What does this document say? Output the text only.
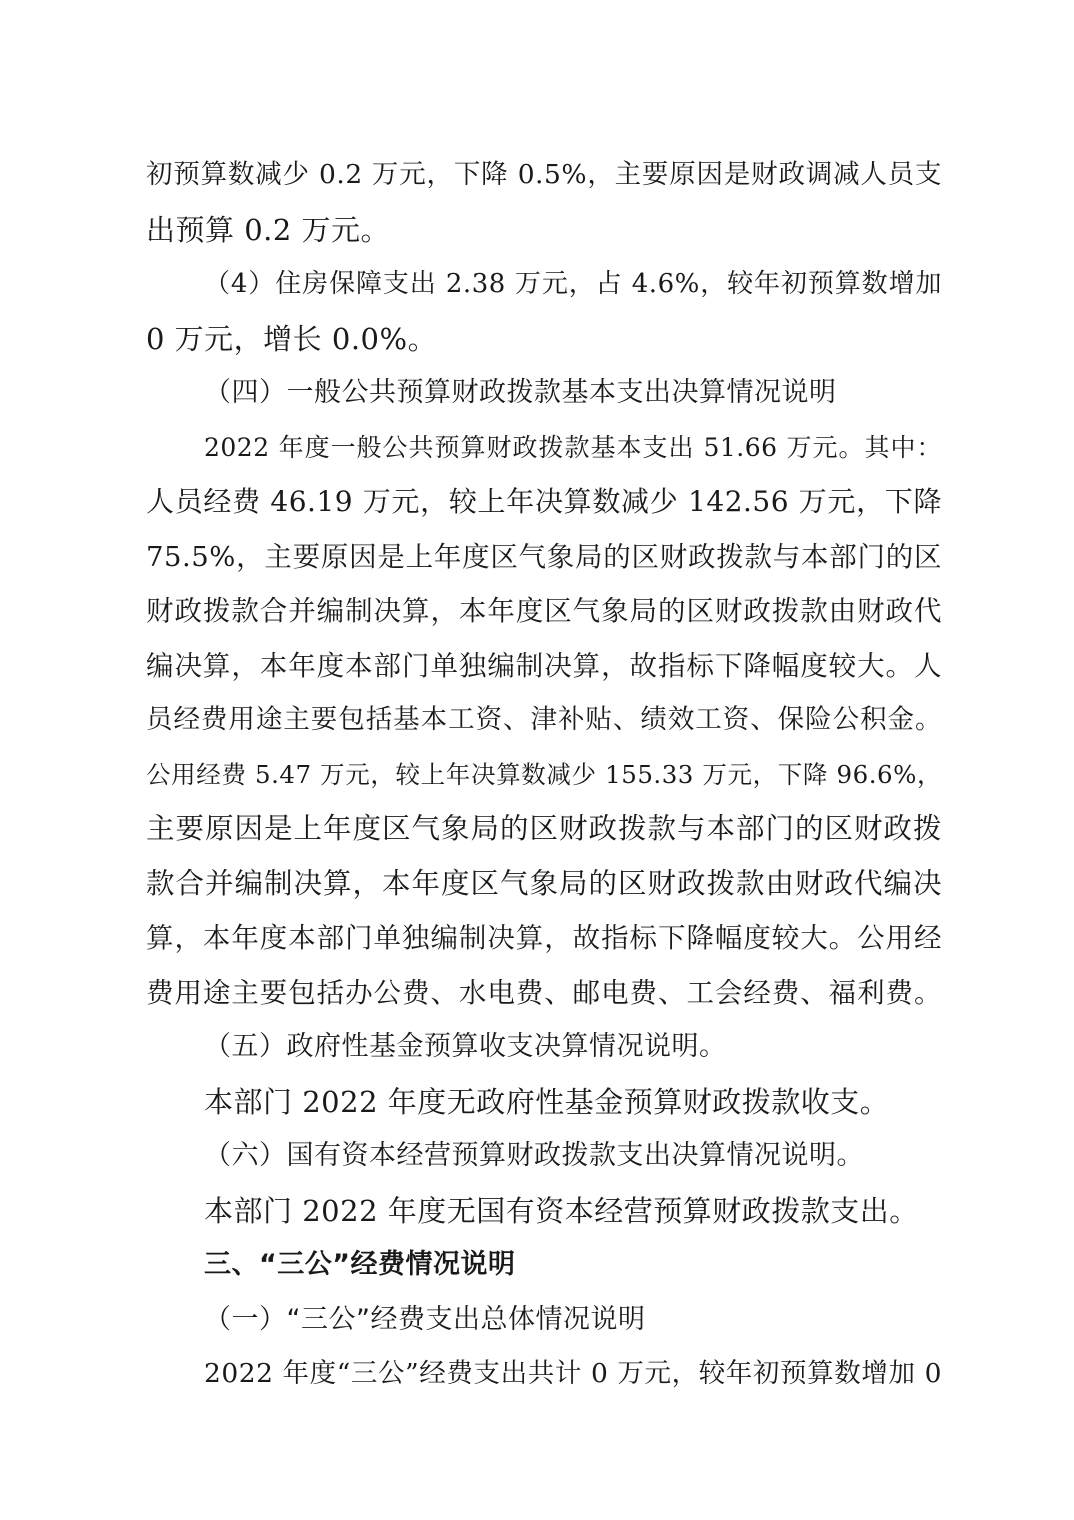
初预算数减少 0.2 万元，下降 0.5%，主要原因是财政调减人员支
出预算 0.2 万元。
（4）住房保障支出 2.38 万元，占 4.6%，较年初预算数增加
0 万元，增长 0.0%。
（四）一般公共预算财政拨款基本支出决算情况说明
2022 年度一般公共预算财政拨款基本支出 51.66 万元。其中：
人员经费 46.19 万元，较上年决算数减少 142.56 万元，下降
75.5%，主要原因是上年度区气象局的区财政拨款与本部门的区
财政拨款合并编制决算，本年度区气象局的区财政拨款由财政代
编决算，本年度本部门单独编制决算，故指标下降幅度较大。人
员经费用途主要包括基本工资、津补贴、绩效工资、保险公积金。
公用经费 5.47 万元，较上年决算数减少 155.33 万元，下降 96.6%，
主要原因是上年度区气象局的区财政拨款与本部门的区财政拨
款合并编制决算，本年度区气象局的区财政拨款由财政代编决
算，本年度本部门单独编制决算，故指标下降幅度较大。公用经
费用途主要包括办公费、水电费、邮电费、工会经费、福利费。
（五）政府性基金预算收支决算情况说明。
本部门 2022 年度无政府性基金预算财政拨款收支。
（六）国有资本经营预算财政拨款支出决算情况说明。
本部门 2022 年度无国有资本经营预算财政拨款支出。
三、“三公”经费情况说明
（一）“三公”经费支出总体情况说明
2022 年度“三公”经费支出共计 0 万元，较年初预算数增加 0
